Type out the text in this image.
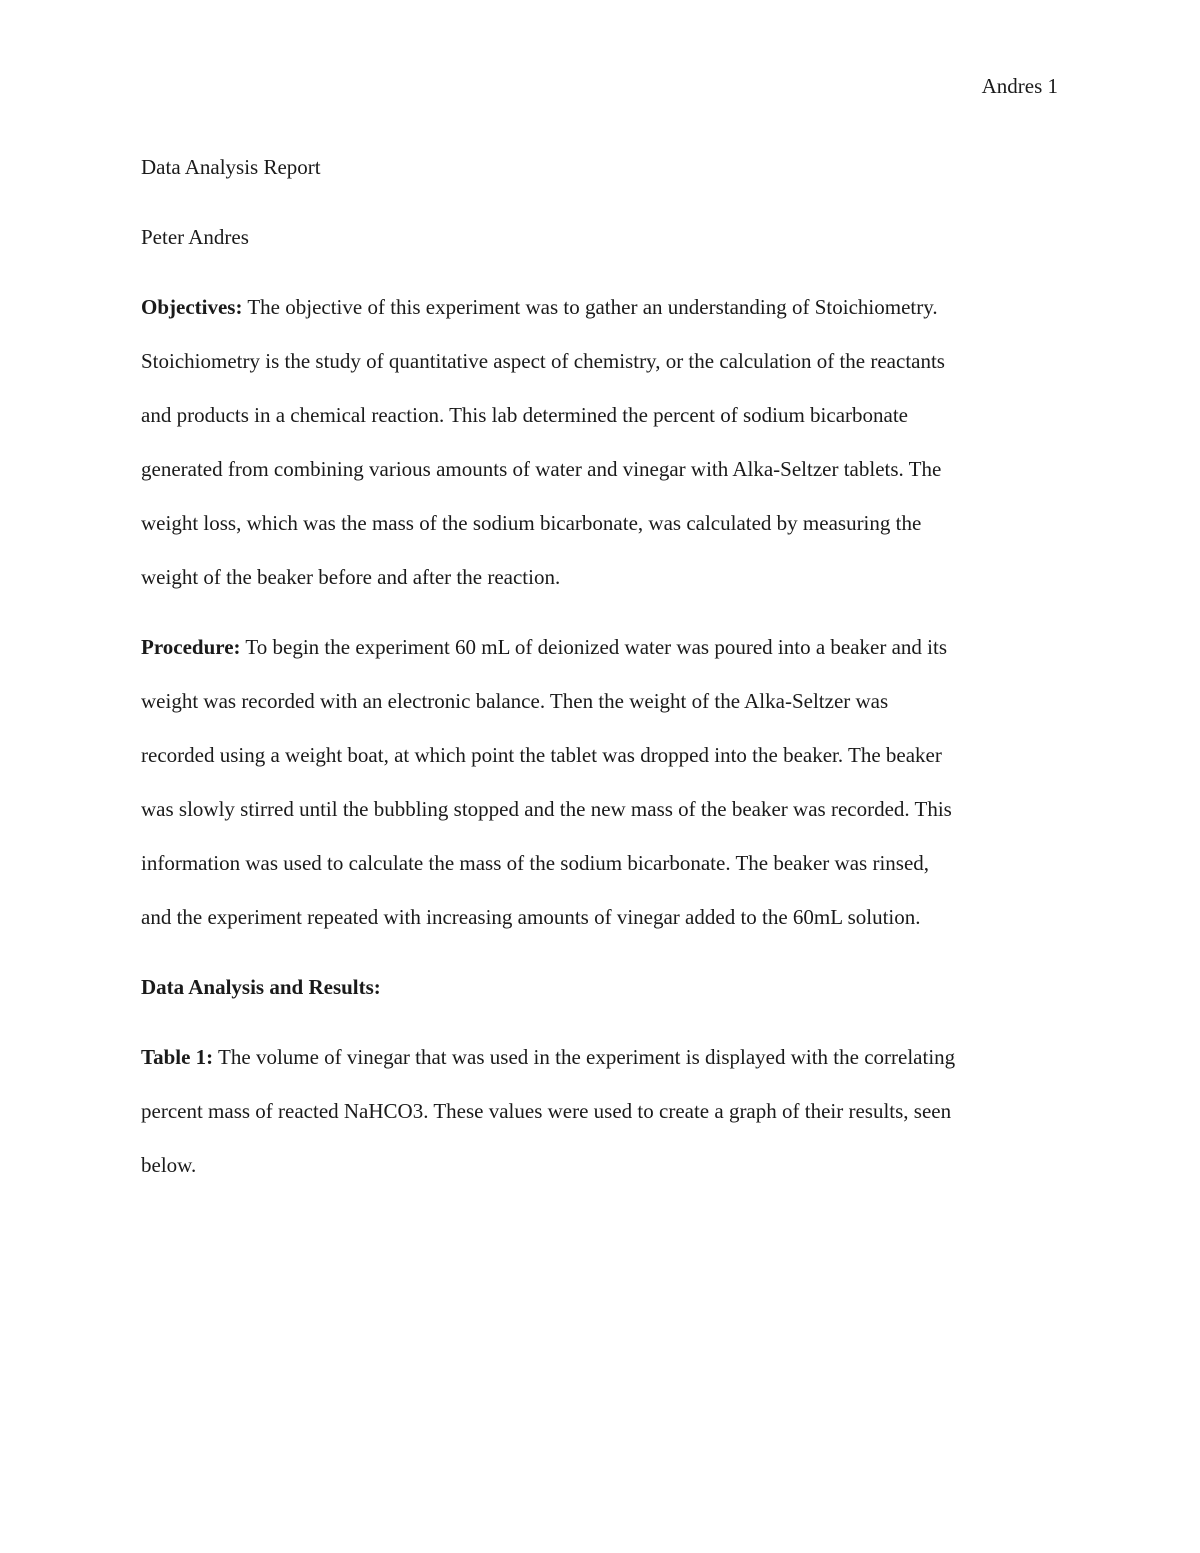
Andres 1

Data Analysis Report

Peter Andres

Objectives: The objective of this experiment was to gather an understanding of Stoichiometry.
Stoichiometry is the study of quantitative aspect of chemistry, or the calculation of the reactants
and products in a chemical reaction. This lab determined the percent of sodium bicarbonate
generated from combining various amounts of water and vinegar with Alka-Seltzer tablets. The
weight loss, which was the mass of the sodium bicarbonate, was calculated by measuring the
weight of the beaker before and after the reaction.
Procedure: To begin the experiment 60 mL of deionized water was poured into a beaker and its
weight was recorded with an electronic balance. Then the weight of the Alka-Seltzer was
recorded using a weight boat, at which point the tablet was dropped into the beaker. The beaker
was slowly stirred until the bubbling stopped and the new mass of the beaker was recorded. This
information was used to calculate the mass of the sodium bicarbonate. The beaker was rinsed,
and the experiment repeated with increasing amounts of vinegar added to the 60mL solution.

Data Analysis and Results:

Table 1: The volume of vinegar that was used in the experiment is displayed with the correlating
percent mass of reacted NaHCO3. These values were used to create a graph of their results, seen
below.
